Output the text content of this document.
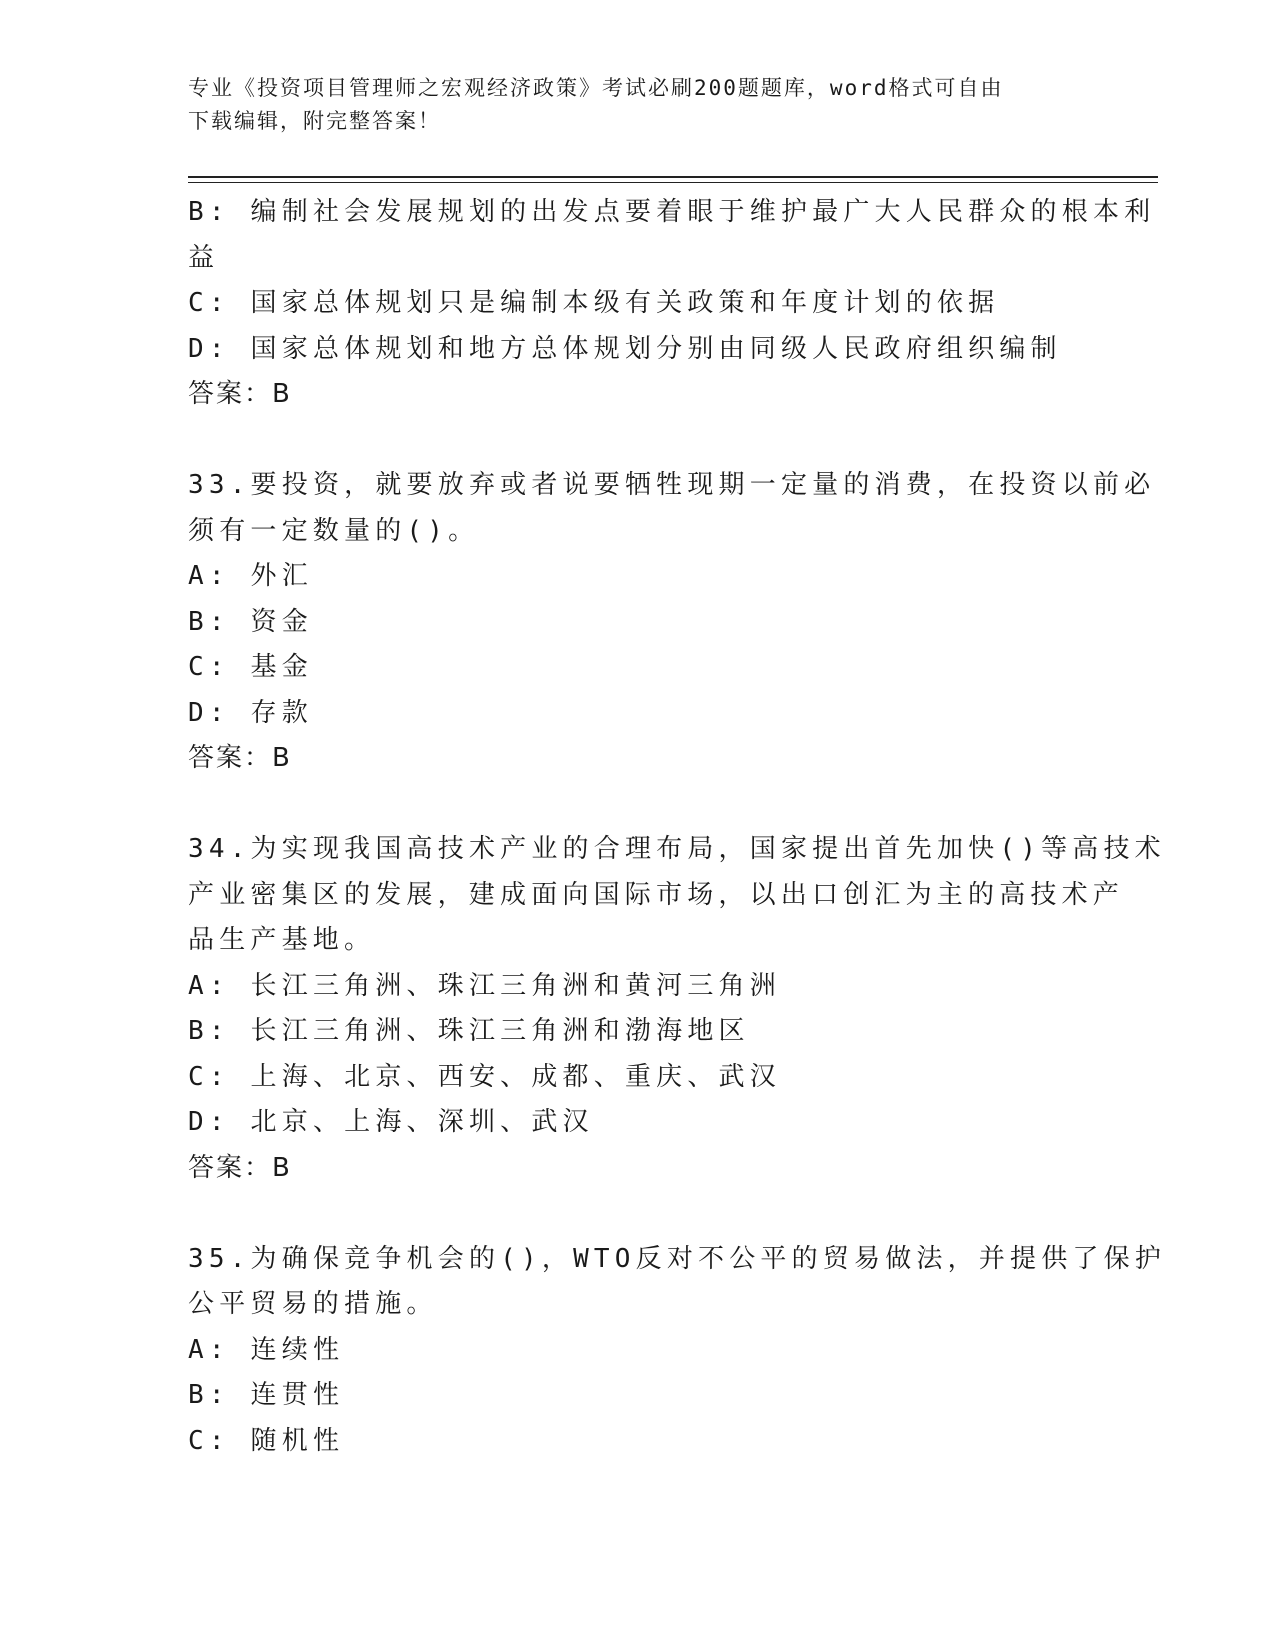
专业《投资项目管理师之宏观经济政策》考试必刷200题题库，word格式可自由
下载编辑，附完整答案！
B: 编制社会发展规划的出发点要着眼于维护最广大人民群众的根本利
益
C: 国家总体规划只是编制本级有关政策和年度计划的依据
D: 国家总体规划和地方总体规划分别由同级人民政府组织编制
答案：B
33.要投资，就要放弃或者说要牺牲现期一定量的消费，在投资以前必
须有一定数量的()。
A: 外汇
B: 资金
C: 基金
D: 存款
答案：B
34.为实现我国高技术产业的合理布局，国家提出首先加快()等高技术
产业密集区的发展，建成面向国际市场，以出口创汇为主的高技术产
品生产基地。
A: 长江三角洲、珠江三角洲和黄河三角洲
B: 长江三角洲、珠江三角洲和渤海地区
C: 上海、北京、西安、成都、重庆、武汉
D: 北京、上海、深圳、武汉
答案：B
35.为确保竞争机会的()，WTO反对不公平的贸易做法，并提供了保护
公平贸易的措施。
A: 连续性
B: 连贯性
C: 随机性
